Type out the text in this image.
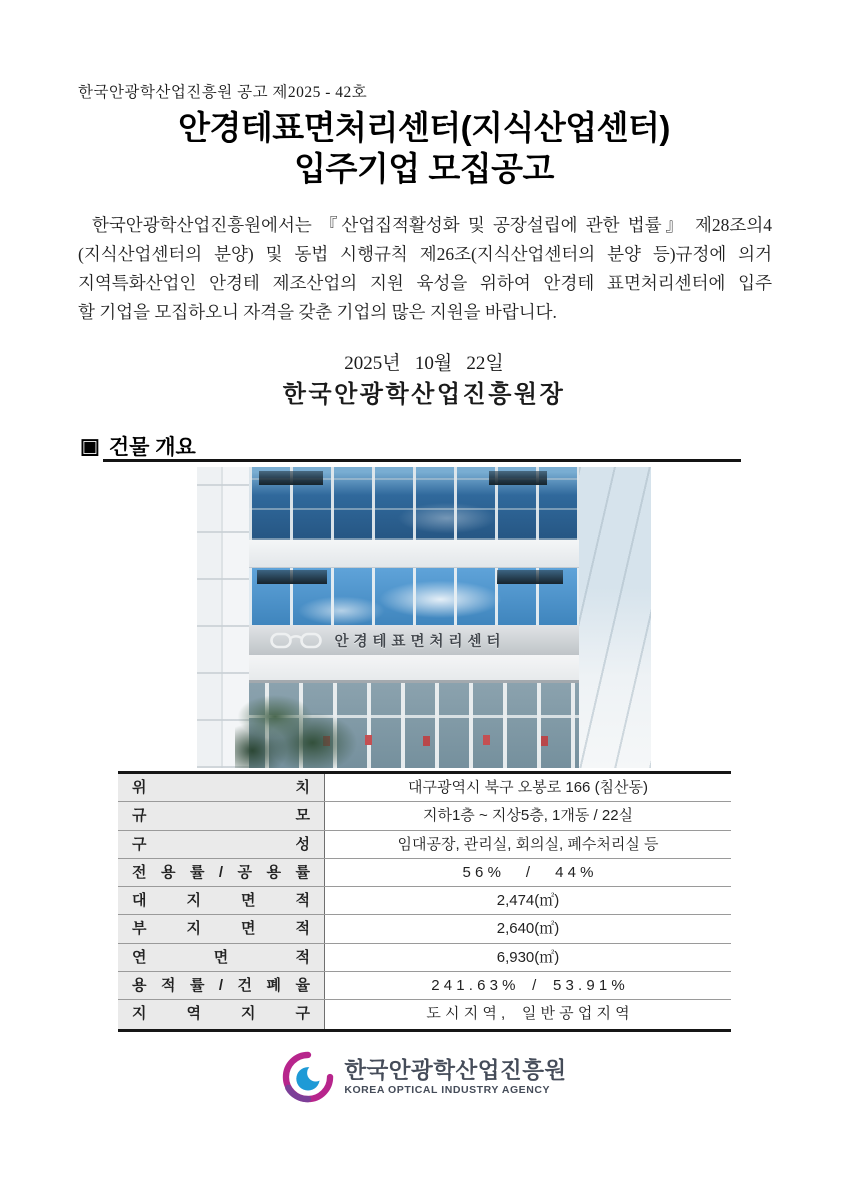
한국안광학산업진흥원 공고 제2025 - 42호
안경테표면처리센터(지식산업센터)
입주기업 모집공고
한국안광학산업진흥원에서는 『산업집적활성화 및 공장설립에 관한 법률』 제28조의4
(지식산업센터의 분양) 및 동법 시행규칙 제26조(지식산업센터의 분양 등)규정에 의거
지역특화산업인 안경테 제조산업의 지원 육성을 위하여 안경테 표면처리센터에 입주
할 기업을 모집하오니 자격을 갖춘 기업의 많은 지원을 바랍니다.
2025년   10월   22일
한국안광학산업진흥원장
▣ 건물 개요
안경테표면처리센터
위 치	대구광역시 북구 오봉로 166 (침산동)
규 모	지하1층 ~ 지상5층, 1개동 / 22실
구 성	임대공장, 관리실, 회의실, 폐수처리실 등
전 용 률 / 공 용 률	5 6 %      /      4 4 %
대 지 면 적	2,474(㎡)
부 지 면 적	2,640(㎡)
연 면 적	6,930(㎡)
용 적 률 / 건 폐 율	2 4 1 . 6 3 %    /    5 3 . 9 1 %
지 역 지 구	도 시 지 역 ,    일 반 공 업 지 역
한국안광학산업진흥원
KOREA OPTICAL INDUSTRY AGENCY
